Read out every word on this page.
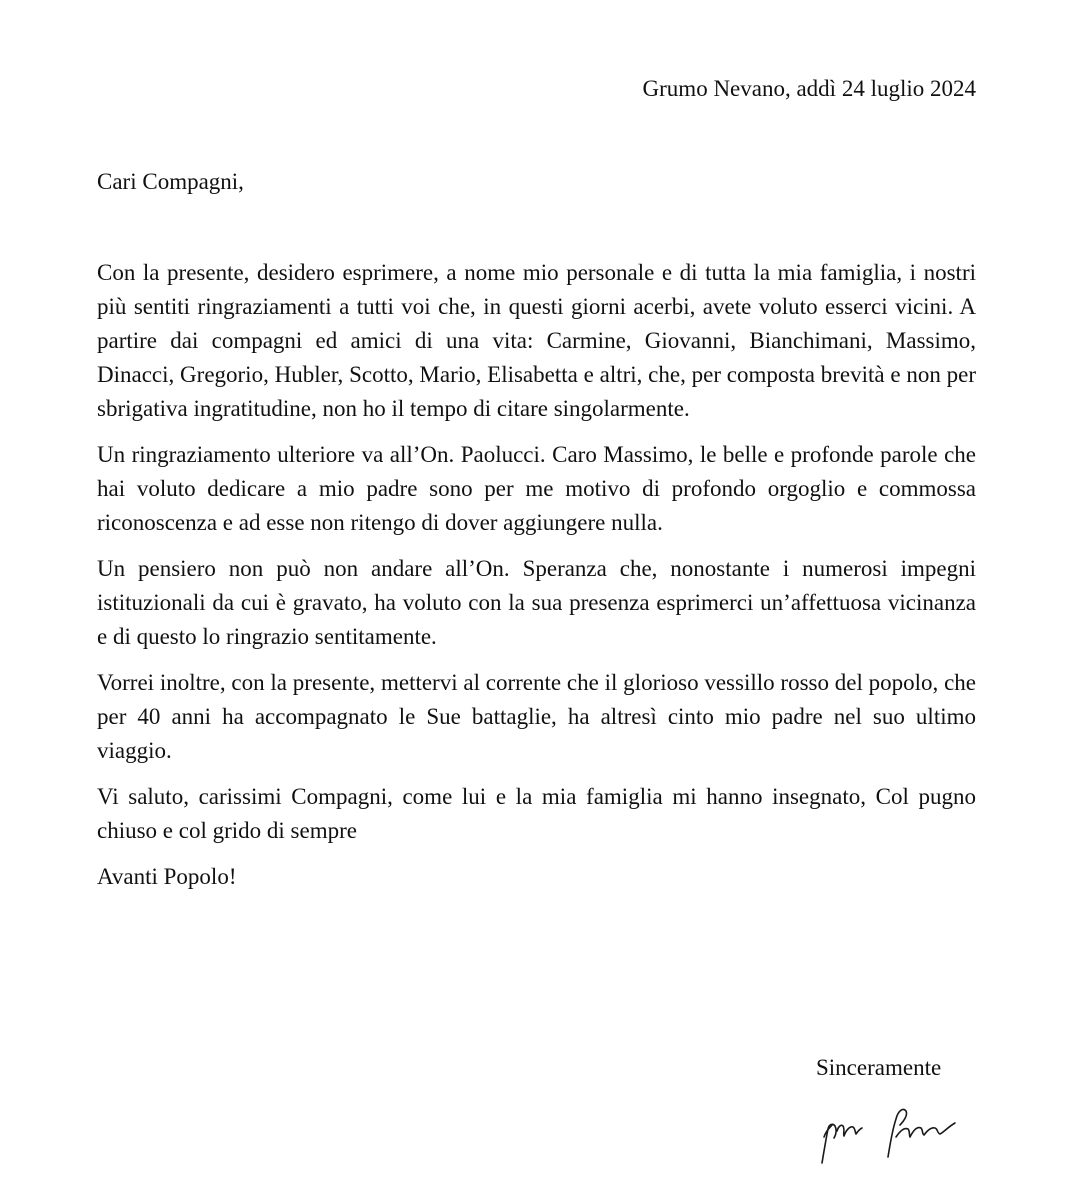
Grumo Nevano, addì 24 luglio 2024
Cari Compagni,

Con la presente, desidero esprimere, a nome mio personale e di tutta la mia famiglia, i nostri più sentiti ringraziamenti a tutti voi che, in questi giorni acerbi, avete voluto esserci vicini. A partire dai compagni ed amici di una vita: Carmine, Giovanni, Bianchimani, Massimo, Dinacci, Gregorio, Hubler, Scotto, Mario, Elisabetta e altri, che, per composta brevità e non per sbrigativa ingratitudine, non ho il tempo di citare singolarmente.

Un ringraziamento ulteriore va all’On. Paolucci. Caro Massimo, le belle e profonde parole che hai voluto dedicare a mio padre sono per me motivo di profondo orgoglio e commossa riconoscenza e ad esse non ritengo di dover aggiungere nulla.

Un pensiero non può non andare all’On. Speranza che, nonostante i numerosi impegni istituzionali da cui è gravato, ha voluto con la sua presenza esprimerci un’affettuosa vicinanza e di questo lo ringrazio sentitamente.

Vorrei inoltre, con la presente, mettervi al corrente che il glorioso vessillo rosso del popolo, che per 40 anni ha accompagnato le Sue battaglie, ha altresì cinto mio padre nel suo ultimo viaggio.

Vi saluto, carissimi Compagni, come lui e la mia famiglia mi hanno insegnato, Col pugno chiuso e col grido di sempre

Avanti Popolo!

Sinceramente
